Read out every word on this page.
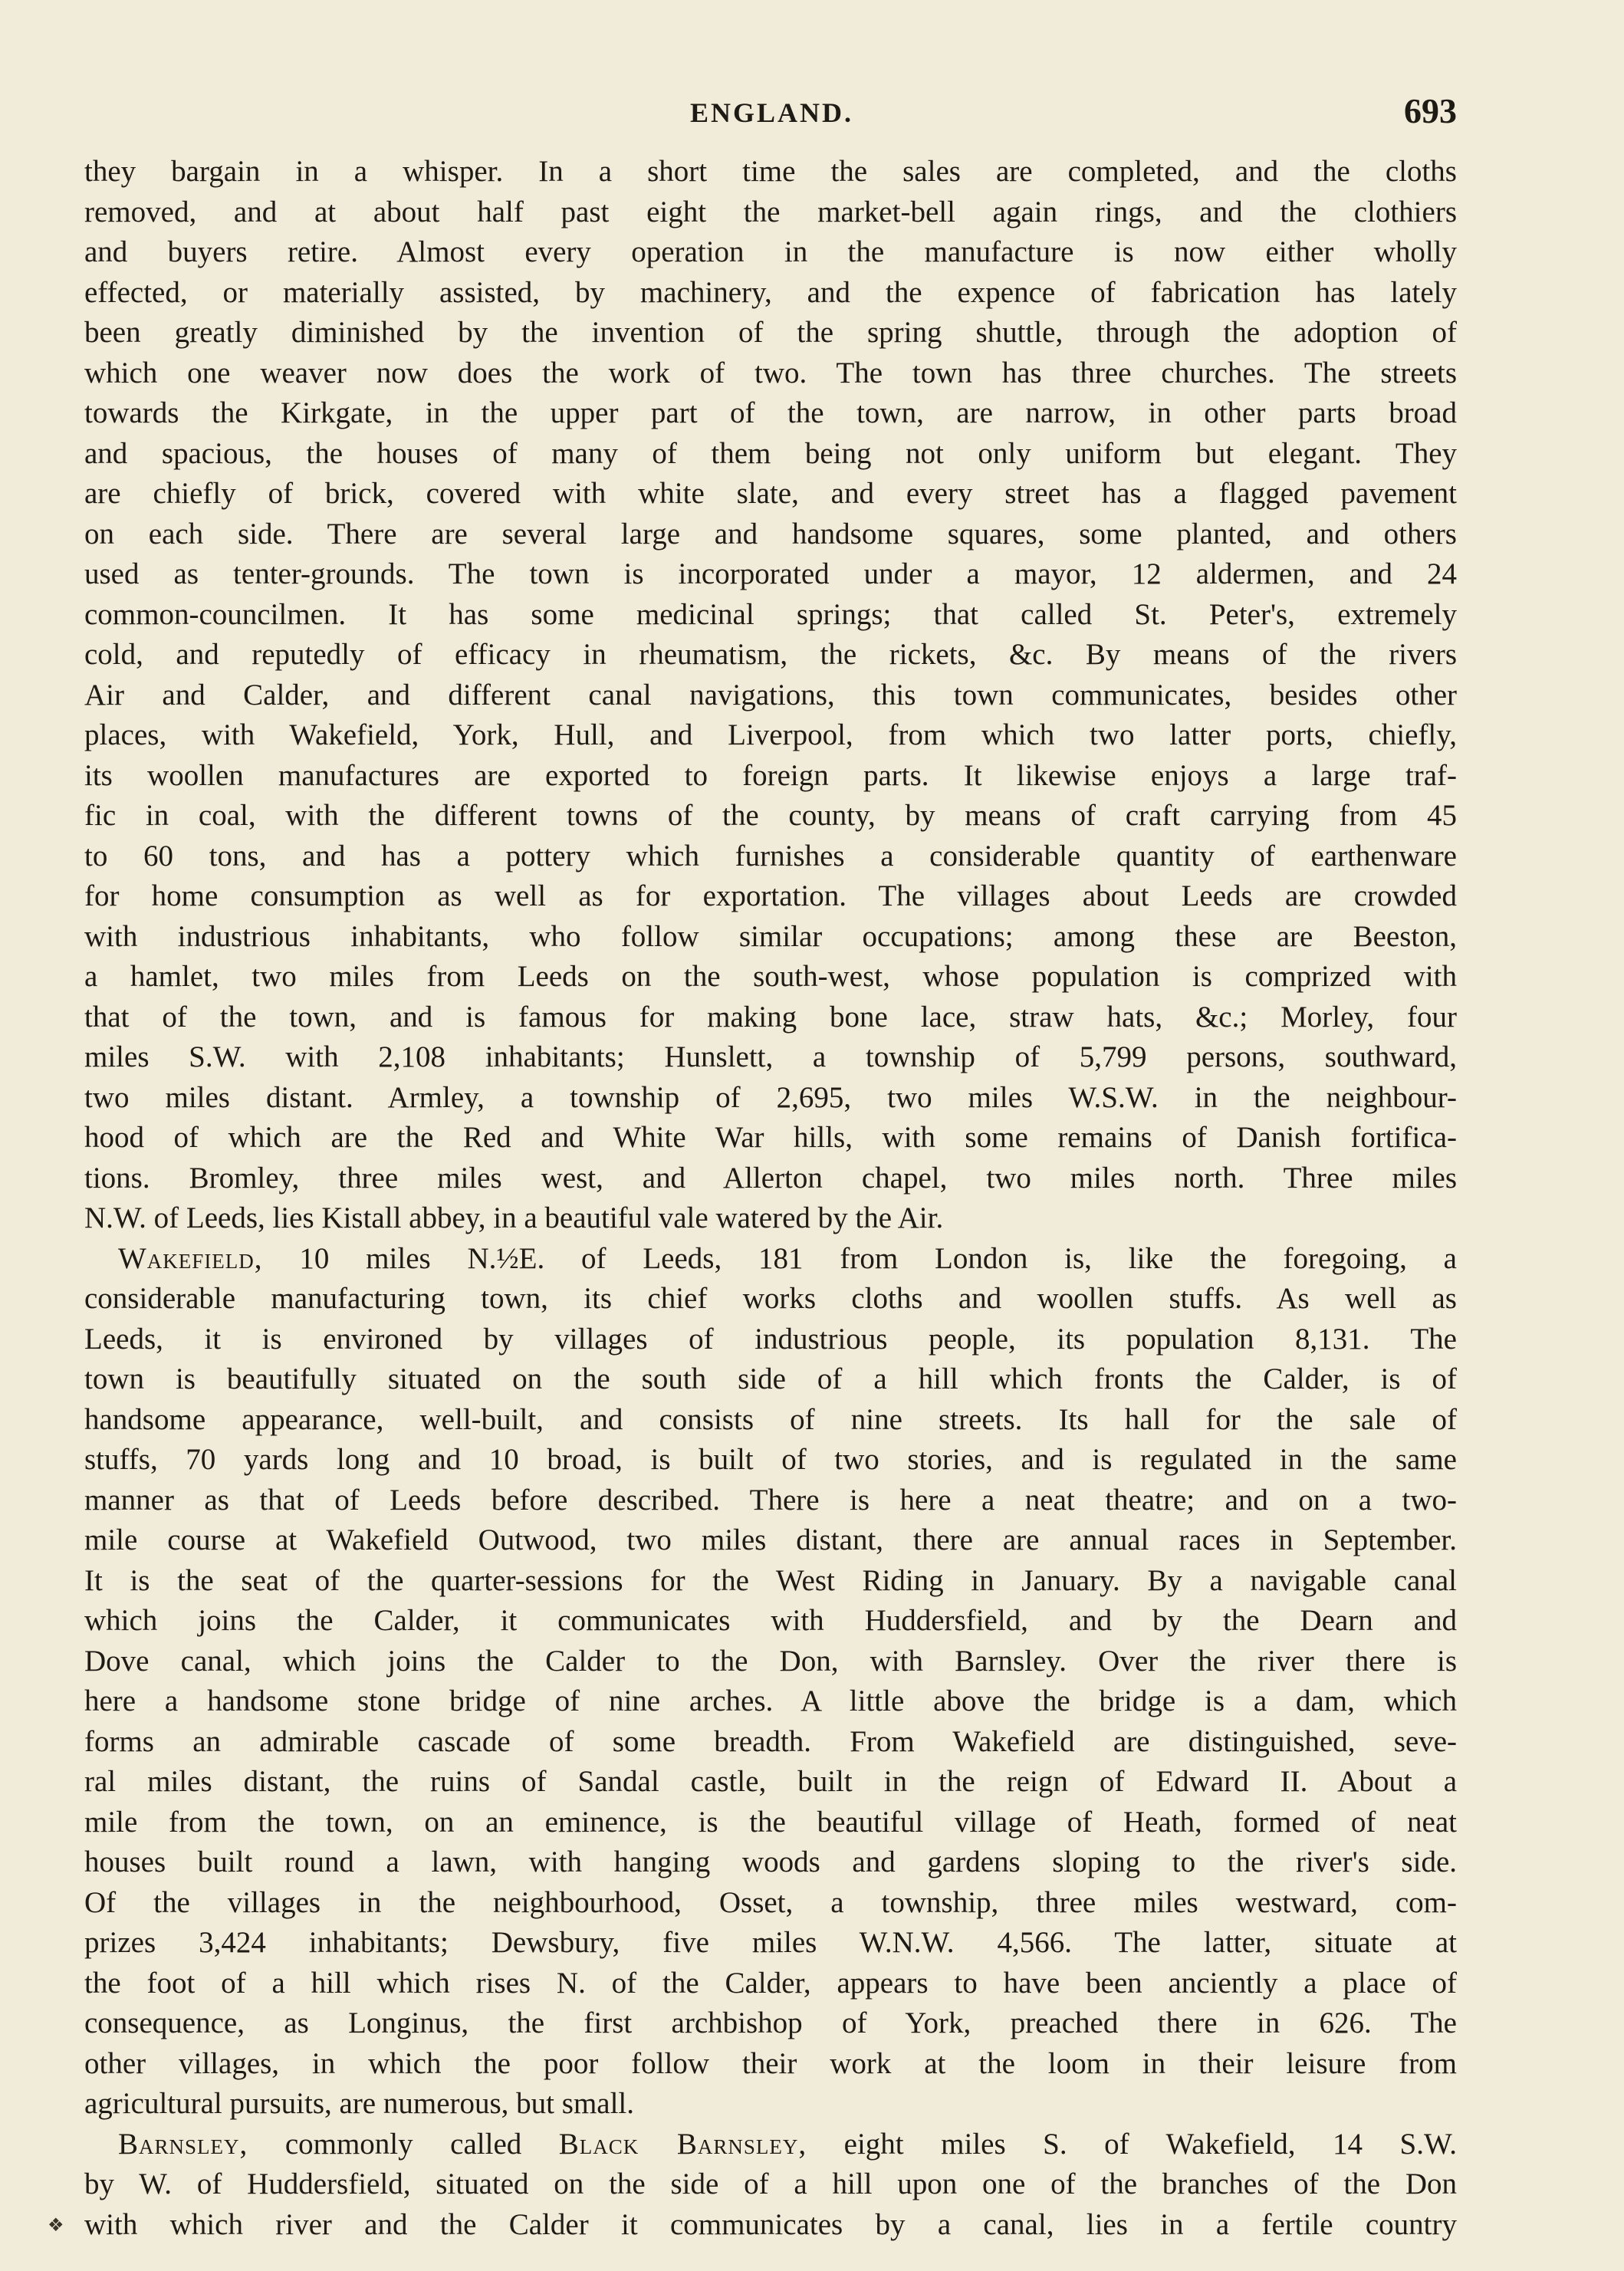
ENGLAND.	693
they bargain in a whisper. In a short time the sales are completed, and the cloths
removed, and at about half past eight the market-bell again rings, and the clothiers
and buyers retire. Almost every operation in the manufacture is now either wholly
effected, or materially assisted, by machinery, and the expence of fabrication has lately
been greatly diminished by the invention of the spring shuttle, through the adoption of
which one weaver now does the work of two. The town has three churches. The streets
towards the Kirkgate, in the upper part of the town, are narrow, in other parts broad
and spacious, the houses of many of them being not only uniform but elegant. They
are chiefly of brick, covered with white slate, and every street has a flagged pavement
on each side. There are several large and handsome squares, some planted, and others
used as tenter-grounds. The town is incorporated under a mayor, 12 aldermen, and 24
common-councilmen. It has some medicinal springs; that called St. Peter's, extremely
cold, and reputedly of efficacy in rheumatism, the rickets, &c. By means of the rivers
Air and Calder, and different canal navigations, this town communicates, besides other
places, with Wakefield, York, Hull, and Liverpool, from which two latter ports, chiefly,
its woollen manufactures are exported to foreign parts. It likewise enjoys a large traf-
fic in coal, with the different towns of the county, by means of craft carrying from 45
to 60 tons, and has a pottery which furnishes a considerable quantity of earthenware
for home consumption as well as for exportation. The villages about Leeds are crowded
with industrious inhabitants, who follow similar occupations; among these are Beeston,
a hamlet, two miles from Leeds on the south-west, whose population is comprized with
that of the town, and is famous for making bone lace, straw hats, &c.; Morley, four
miles S.W. with 2,108 inhabitants; Hunslett, a township of 5,799 persons, southward,
two miles distant. Armley, a township of 2,695, two miles W.S.W. in the neighbour-
hood of which are the Red and White War hills, with some remains of Danish fortifica-
tions. Bromley, three miles west, and Allerton chapel, two miles north. Three miles
N.W. of Leeds, lies Kistall abbey, in a beautiful vale watered by the Air.
Wakefield, 10 miles N.½E. of Leeds, 181 from London is, like the foregoing, a
considerable manufacturing town, its chief works cloths and woollen stuffs. As well as
Leeds, it is environed by villages of industrious people, its population 8,131. The
town is beautifully situated on the south side of a hill which fronts the Calder, is of
handsome appearance, well-built, and consists of nine streets. Its hall for the sale of
stuffs, 70 yards long and 10 broad, is built of two stories, and is regulated in the same
manner as that of Leeds before described. There is here a neat theatre; and on a two-
mile course at Wakefield Outwood, two miles distant, there are annual races in September.
It is the seat of the quarter-sessions for the West Riding in January. By a navigable canal
which joins the Calder, it communicates with Huddersfield, and by the Dearn and
Dove canal, which joins the Calder to the Don, with Barnsley. Over the river there is
here a handsome stone bridge of nine arches. A little above the bridge is a dam, which
forms an admirable cascade of some breadth. From Wakefield are distinguished, seve-
ral miles distant, the ruins of Sandal castle, built in the reign of Edward II. About a
mile from the town, on an eminence, is the beautiful village of Heath, formed of neat
houses built round a lawn, with hanging woods and gardens sloping to the river's side.
Of the villages in the neighbourhood, Osset, a township, three miles westward, com-
prizes 3,424 inhabitants; Dewsbury, five miles W.N.W. 4,566. The latter, situate at
the foot of a hill which rises N. of the Calder, appears to have been anciently a place of
consequence, as Longinus, the first archbishop of York, preached there in 626. The
other villages, in which the poor follow their work at the loom in their leisure from
agricultural pursuits, are numerous, but small.
Barnsley, commonly called Black Barnsley, eight miles S. of Wakefield, 14 S.W.
by W. of Huddersfield, situated on the side of a hill upon one of the branches of the Don
with which river and the Calder it communicates by a canal, lies in a fertile country
❖
